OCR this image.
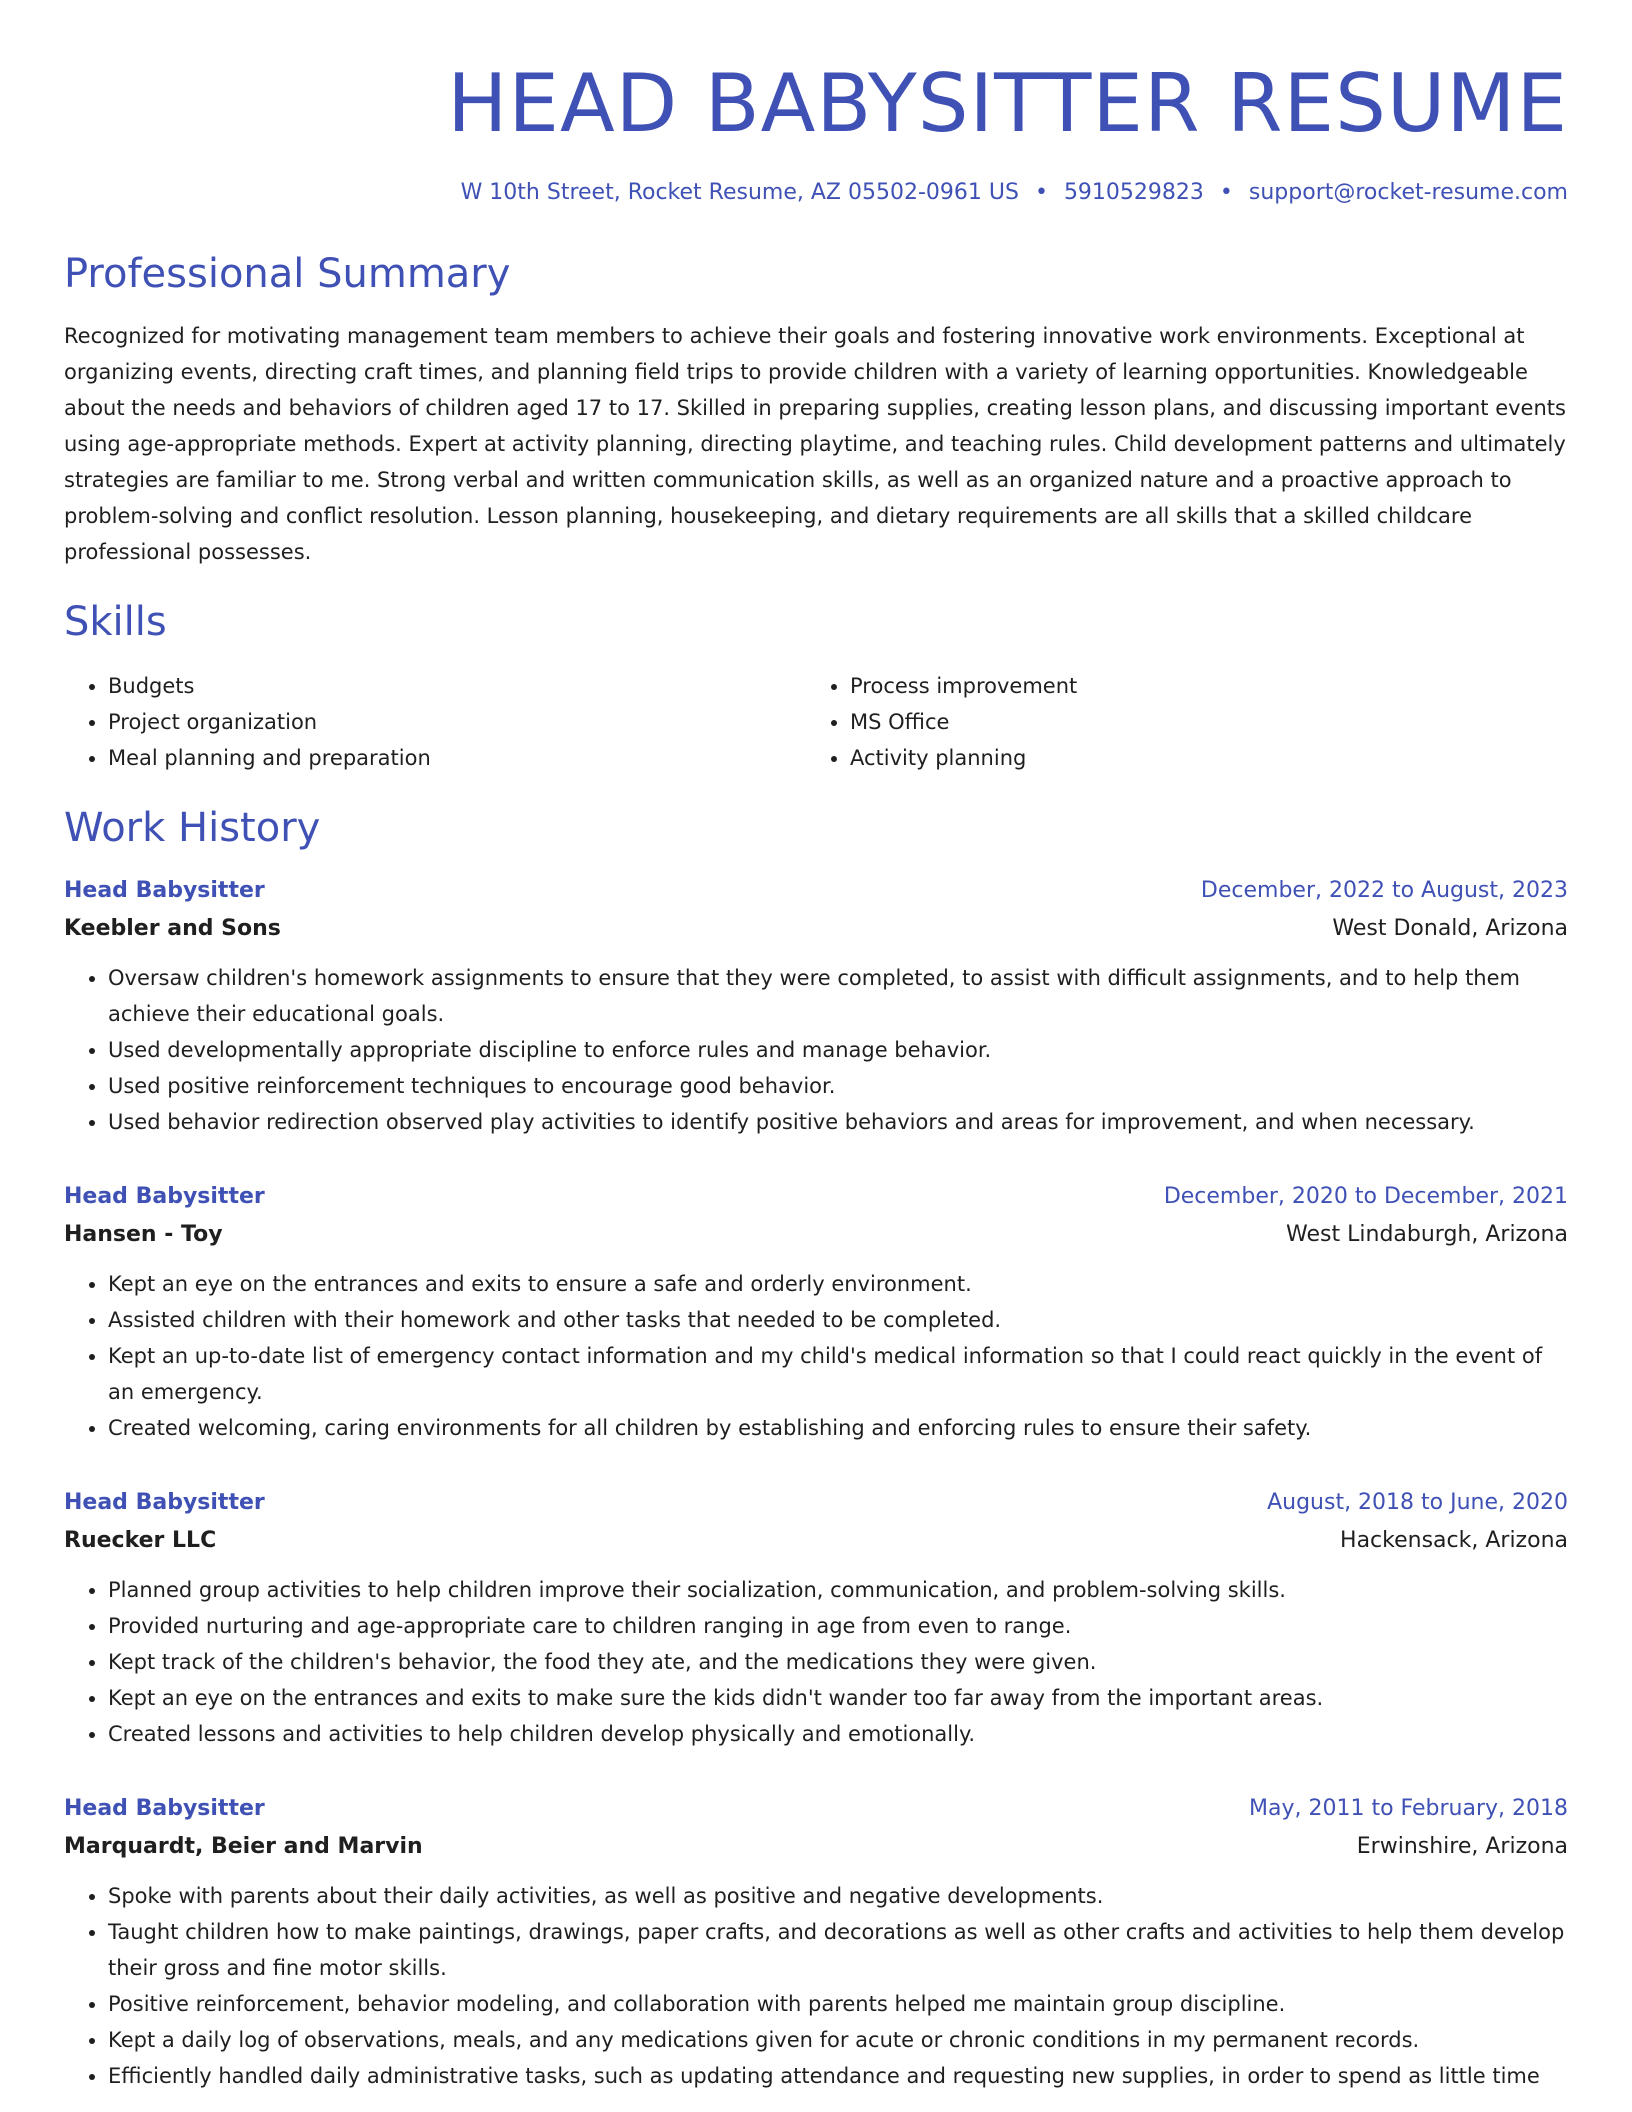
HEAD BABYSITTER RESUME
W 10th Street, Rocket Resume, AZ 05502-0961 US • 5910529823 • support@rocket-resume.com
Professional Summary

Recognized for motivating management team members to achieve their goals and fostering innovative work environments. Exceptional at organizing events, directing craft times, and planning field trips to provide children with a variety of learning opportunities. Knowledgeable about the needs and behaviors of children aged 17 to 17. Skilled in preparing supplies, creating lesson plans, and discussing important events using age-appropriate methods. Expert at activity planning, directing playtime, and teaching rules. Child development patterns and ultimately strategies are familiar to me. Strong verbal and written communication skills, as well as an organized nature and a proactive approach to problem-solving and conflict resolution. Lesson planning, housekeeping, and dietary requirements are all skills that a skilled childcare professional possesses.

Skills
• Budgets
• Project organization
• Meal planning and preparation
• Process improvement
• MS Office
• Activity planning
Work History
Head Babysitter	December, 2022 to August, 2023
Keebler and Sons	West Donald, Arizona
• Oversaw children's homework assignments to ensure that they were completed, to assist with difficult assignments, and to help them achieve their educational goals.
• Used developmentally appropriate discipline to enforce rules and manage behavior.
• Used positive reinforcement techniques to encourage good behavior.
• Used behavior redirection observed play activities to identify positive behaviors and areas for improvement, and when necessary.
Head Babysitter	December, 2020 to December, 2021
Hansen - Toy	West Lindaburgh, Arizona
• Kept an eye on the entrances and exits to ensure a safe and orderly environment.
• Assisted children with their homework and other tasks that needed to be completed.
• Kept an up-to-date list of emergency contact information and my child's medical information so that I could react quickly in the event of an emergency.
• Created welcoming, caring environments for all children by establishing and enforcing rules to ensure their safety.
Head Babysitter	August, 2018 to June, 2020
Ruecker LLC	Hackensack, Arizona
• Planned group activities to help children improve their socialization, communication, and problem-solving skills.
• Provided nurturing and age-appropriate care to children ranging in age from even to range.
• Kept track of the children's behavior, the food they ate, and the medications they were given.
• Kept an eye on the entrances and exits to make sure the kids didn't wander too far away from the important areas.
• Created lessons and activities to help children develop physically and emotionally.
Head Babysitter	May, 2011 to February, 2018
Marquardt, Beier and Marvin	Erwinshire, Arizona
• Spoke with parents about their daily activities, as well as positive and negative developments.
• Taught children how to make paintings, drawings, paper crafts, and decorations as well as other crafts and activities to help them develop their gross and fine motor skills.
• Positive reinforcement, behavior modeling, and collaboration with parents helped me maintain group discipline.
• Kept a daily log of observations, meals, and any medications given for acute or chronic conditions in my permanent records.
• Efficiently handled daily administrative tasks, such as updating attendance and requesting new supplies, in order to spend as little time
